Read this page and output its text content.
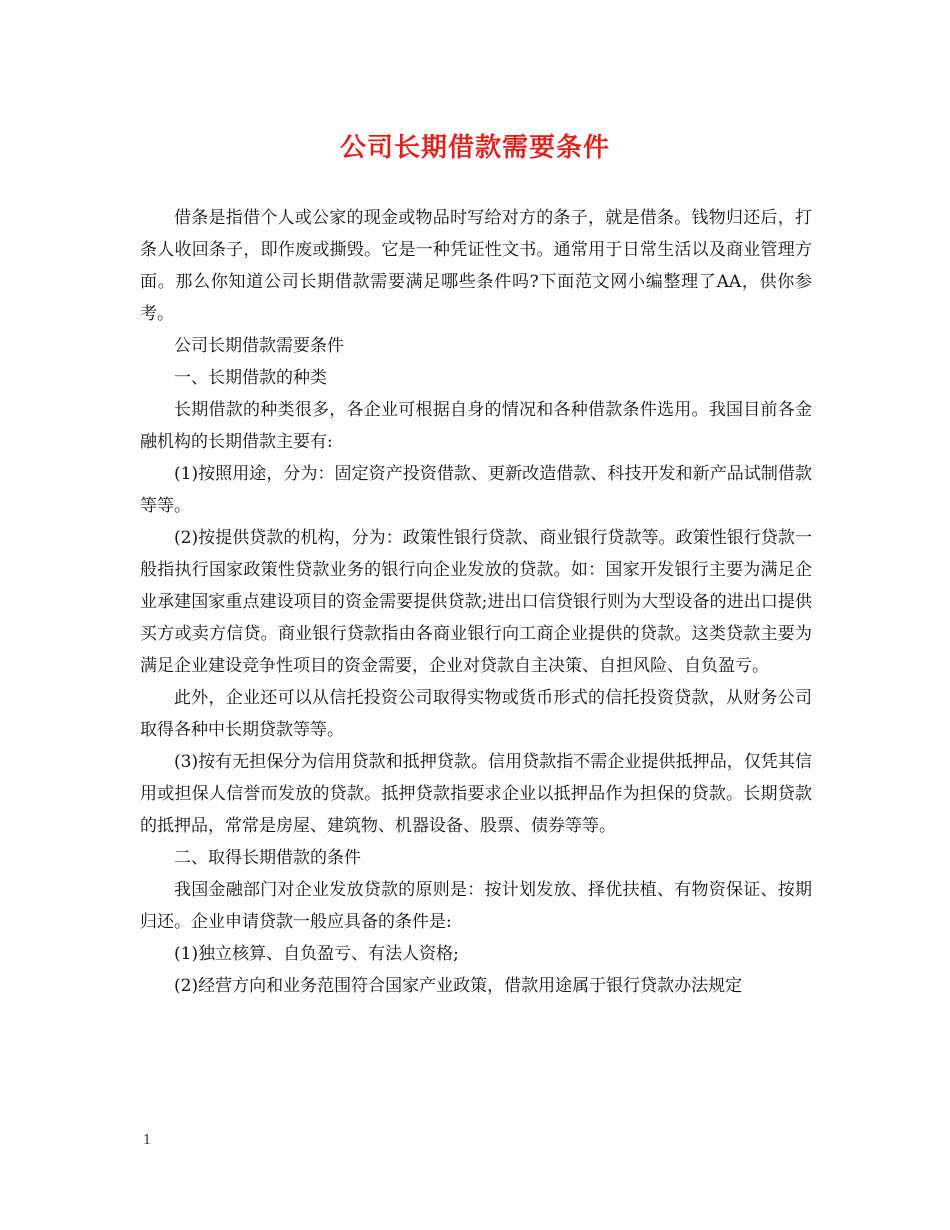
公司长期借款需要条件

借条是指借个人或公家的现金或物品时写给对方的条子，就是借条。钱物归还后，打条人收回条子，即作废或撕毁。它是一种凭证性文书。通常用于日常生活以及商业管理方面。那么你知道公司长期借款需要满足哪些条件吗?下面范文网小编整理了AA，供你参考。

公司长期借款需要条件

一、长期借款的种类

长期借款的种类很多，各企业可根据自身的情况和各种借款条件选用。我国目前各金融机构的长期借款主要有:

(1)按照用途，分为：固定资产投资借款、更新改造借款、科技开发和新产品试制借款等等。

(2)按提供贷款的机构，分为：政策性银行贷款、商业银行贷款等。政策性银行贷款一般指执行国家政策性贷款业务的银行向企业发放的贷款。如：国家开发银行主要为满足企业承建国家重点建设项目的资金需要提供贷款;进出口信贷银行则为大型设备的进出口提供买方或卖方信贷。商业银行贷款指由各商业银行向工商企业提供的贷款。这类贷款主要为满足企业建设竞争性项目的资金需要，企业对贷款自主决策、自担风险、自负盈亏。

此外，企业还可以从信托投资公司取得实物或货币形式的信托投资贷款，从财务公司取得各种中长期贷款等等。

(3)按有无担保分为信用贷款和抵押贷款。信用贷款指不需企业提供抵押品，仅凭其信用或担保人信誉而发放的贷款。抵押贷款指要求企业以抵押品作为担保的贷款。长期贷款的抵押品，常常是房屋、建筑物、机器设备、股票、债券等等。

二、取得长期借款的条件

我国金融部门对企业发放贷款的原则是：按计划发放、择优扶植、有物资保证、按期归还。企业申请贷款一般应具备的条件是:

(1)独立核算、自负盈亏、有法人资格;

(2)经营方向和业务范围符合国家产业政策，借款用途属于银行贷款办法规定

1
